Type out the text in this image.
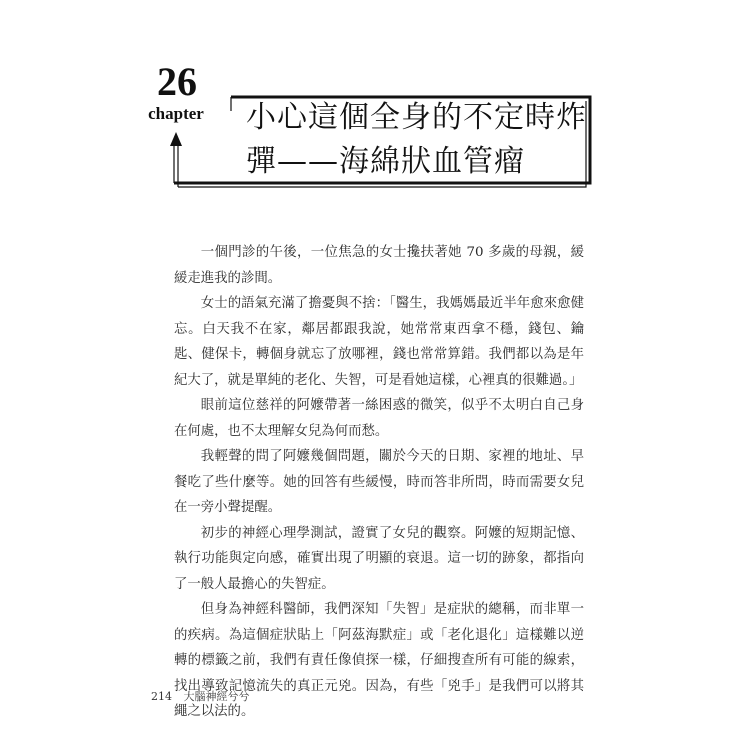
26
chapter 小心這個全身的不定時炸
彈——海綿狀血管瘤

一個門診的午後，一位焦急的女士攙扶著她 70 多歲的母親，緩緩走進我的診間。

女士的語氣充滿了擔憂與不捨：「醫生，我媽媽最近半年愈來愈健忘。白天我不在家，鄰居都跟我說，她常常東西拿不穩，錢包、鑰匙、健保卡，轉個身就忘了放哪裡，錢也常常算錯。我們都以為是年紀大了，就是單純的老化、失智，可是看她這樣，心裡真的很難過。」

眼前這位慈祥的阿嬤帶著一絲困惑的微笑，似乎不太明白自己身在何處，也不太理解女兒為何而愁。

我輕聲的問了阿嬤幾個問題，關於今天的日期、家裡的地址、早餐吃了些什麼等。她的回答有些緩慢，時而答非所問，時而需要女兒在一旁小聲提醒。

初步的神經心理學測試，證實了女兒的觀察。阿嬤的短期記憶、執行功能與定向感，確實出現了明顯的衰退。這一切的跡象，都指向了一般人最擔心的失智症。

但身為神經科醫師，我們深知「失智」是症狀的總稱，而非單一的疾病。為這個症狀貼上「阿茲海默症」或「老化退化」這樣難以逆轉的標籤之前，我們有責任像偵探一樣，仔細搜查所有可能的線索，找出導致記憶流失的真正元兇。因為，有些「兇手」是我們可以將其繩之以法的。

214 大腦神經兮兮
